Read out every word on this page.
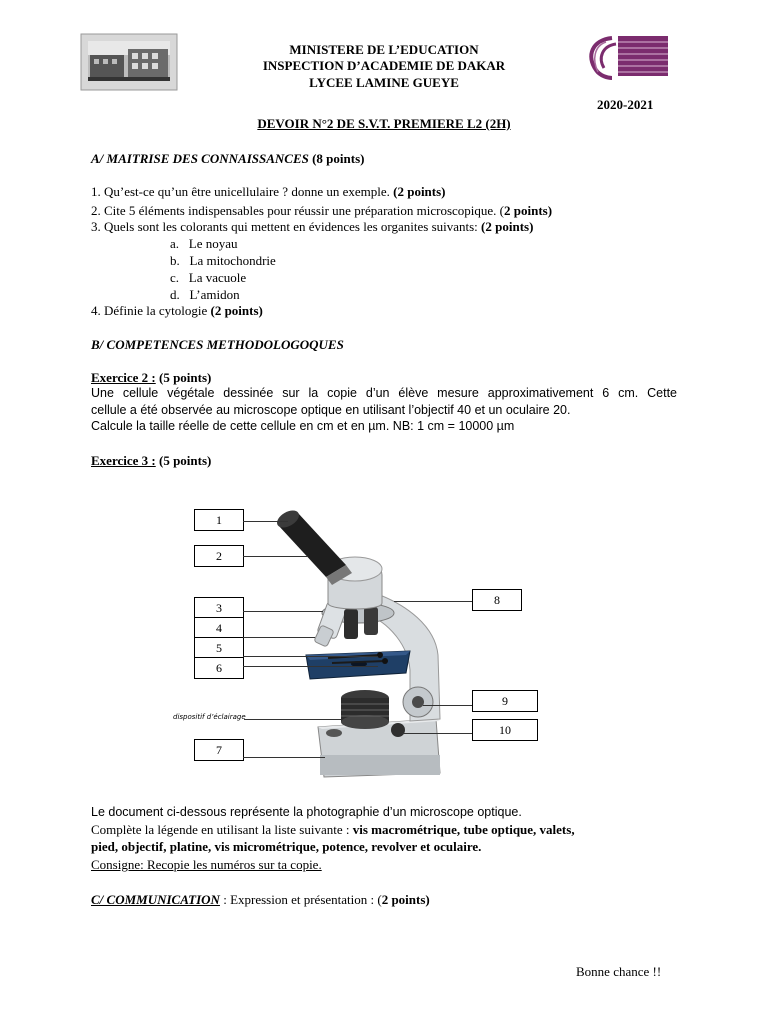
MINISTERE DE L’EDUCATION
INSPECTION D’ACADEMIE DE DAKAR
LYCEE LAMINE GUEYE
2020-2021
DEVOIR N°2 DE S.V.T. PREMIERE L2 (2H)
A/ MAITRISE DES CONNAISSANCES (8 points)
1. Qu’est-ce qu’un être unicellulaire ? donne un exemple. (2 points)
2. Cite 5 éléments indispensables pour réussir une préparation microscopique. (2 points)
3. Quels sont les colorants qui mettent en évidences les organites suivants: (2 points)
a.   Le noyau
b.   La mitochondrie
c.   La vacuole
d.   L’amidon
4. Définie la cytologie (2 points)
B/ COMPETENCES METHODOLOGOQUES
Exercice 2 : (5 points)
Une cellule végétale dessinée sur la copie d’un élève mesure approximativement 6 cm. Cette
cellule a été observée au microscope optique en utilisant l’objectif 40 et un oculaire 20.
Calcule la taille réelle de cette cellule en cm et en µm. NB: 1 cm = 10000 µm
Exercice 3 : (5 points)
1
2
3
4
5
6
7
8
9
10
dispositif d’éclairage
Le document ci-dessous représente la photographie d’un microscope optique.
Complète la légende en utilisant la liste suivante : vis macrométrique, tube optique, valets,
pied, objectif, platine, vis micrométrique, potence, revolver et oculaire.
Consigne: Recopie les numéros sur ta copie.
C/ COMMUNICATION : Expression et présentation : (2 points)
Bonne chance !!
